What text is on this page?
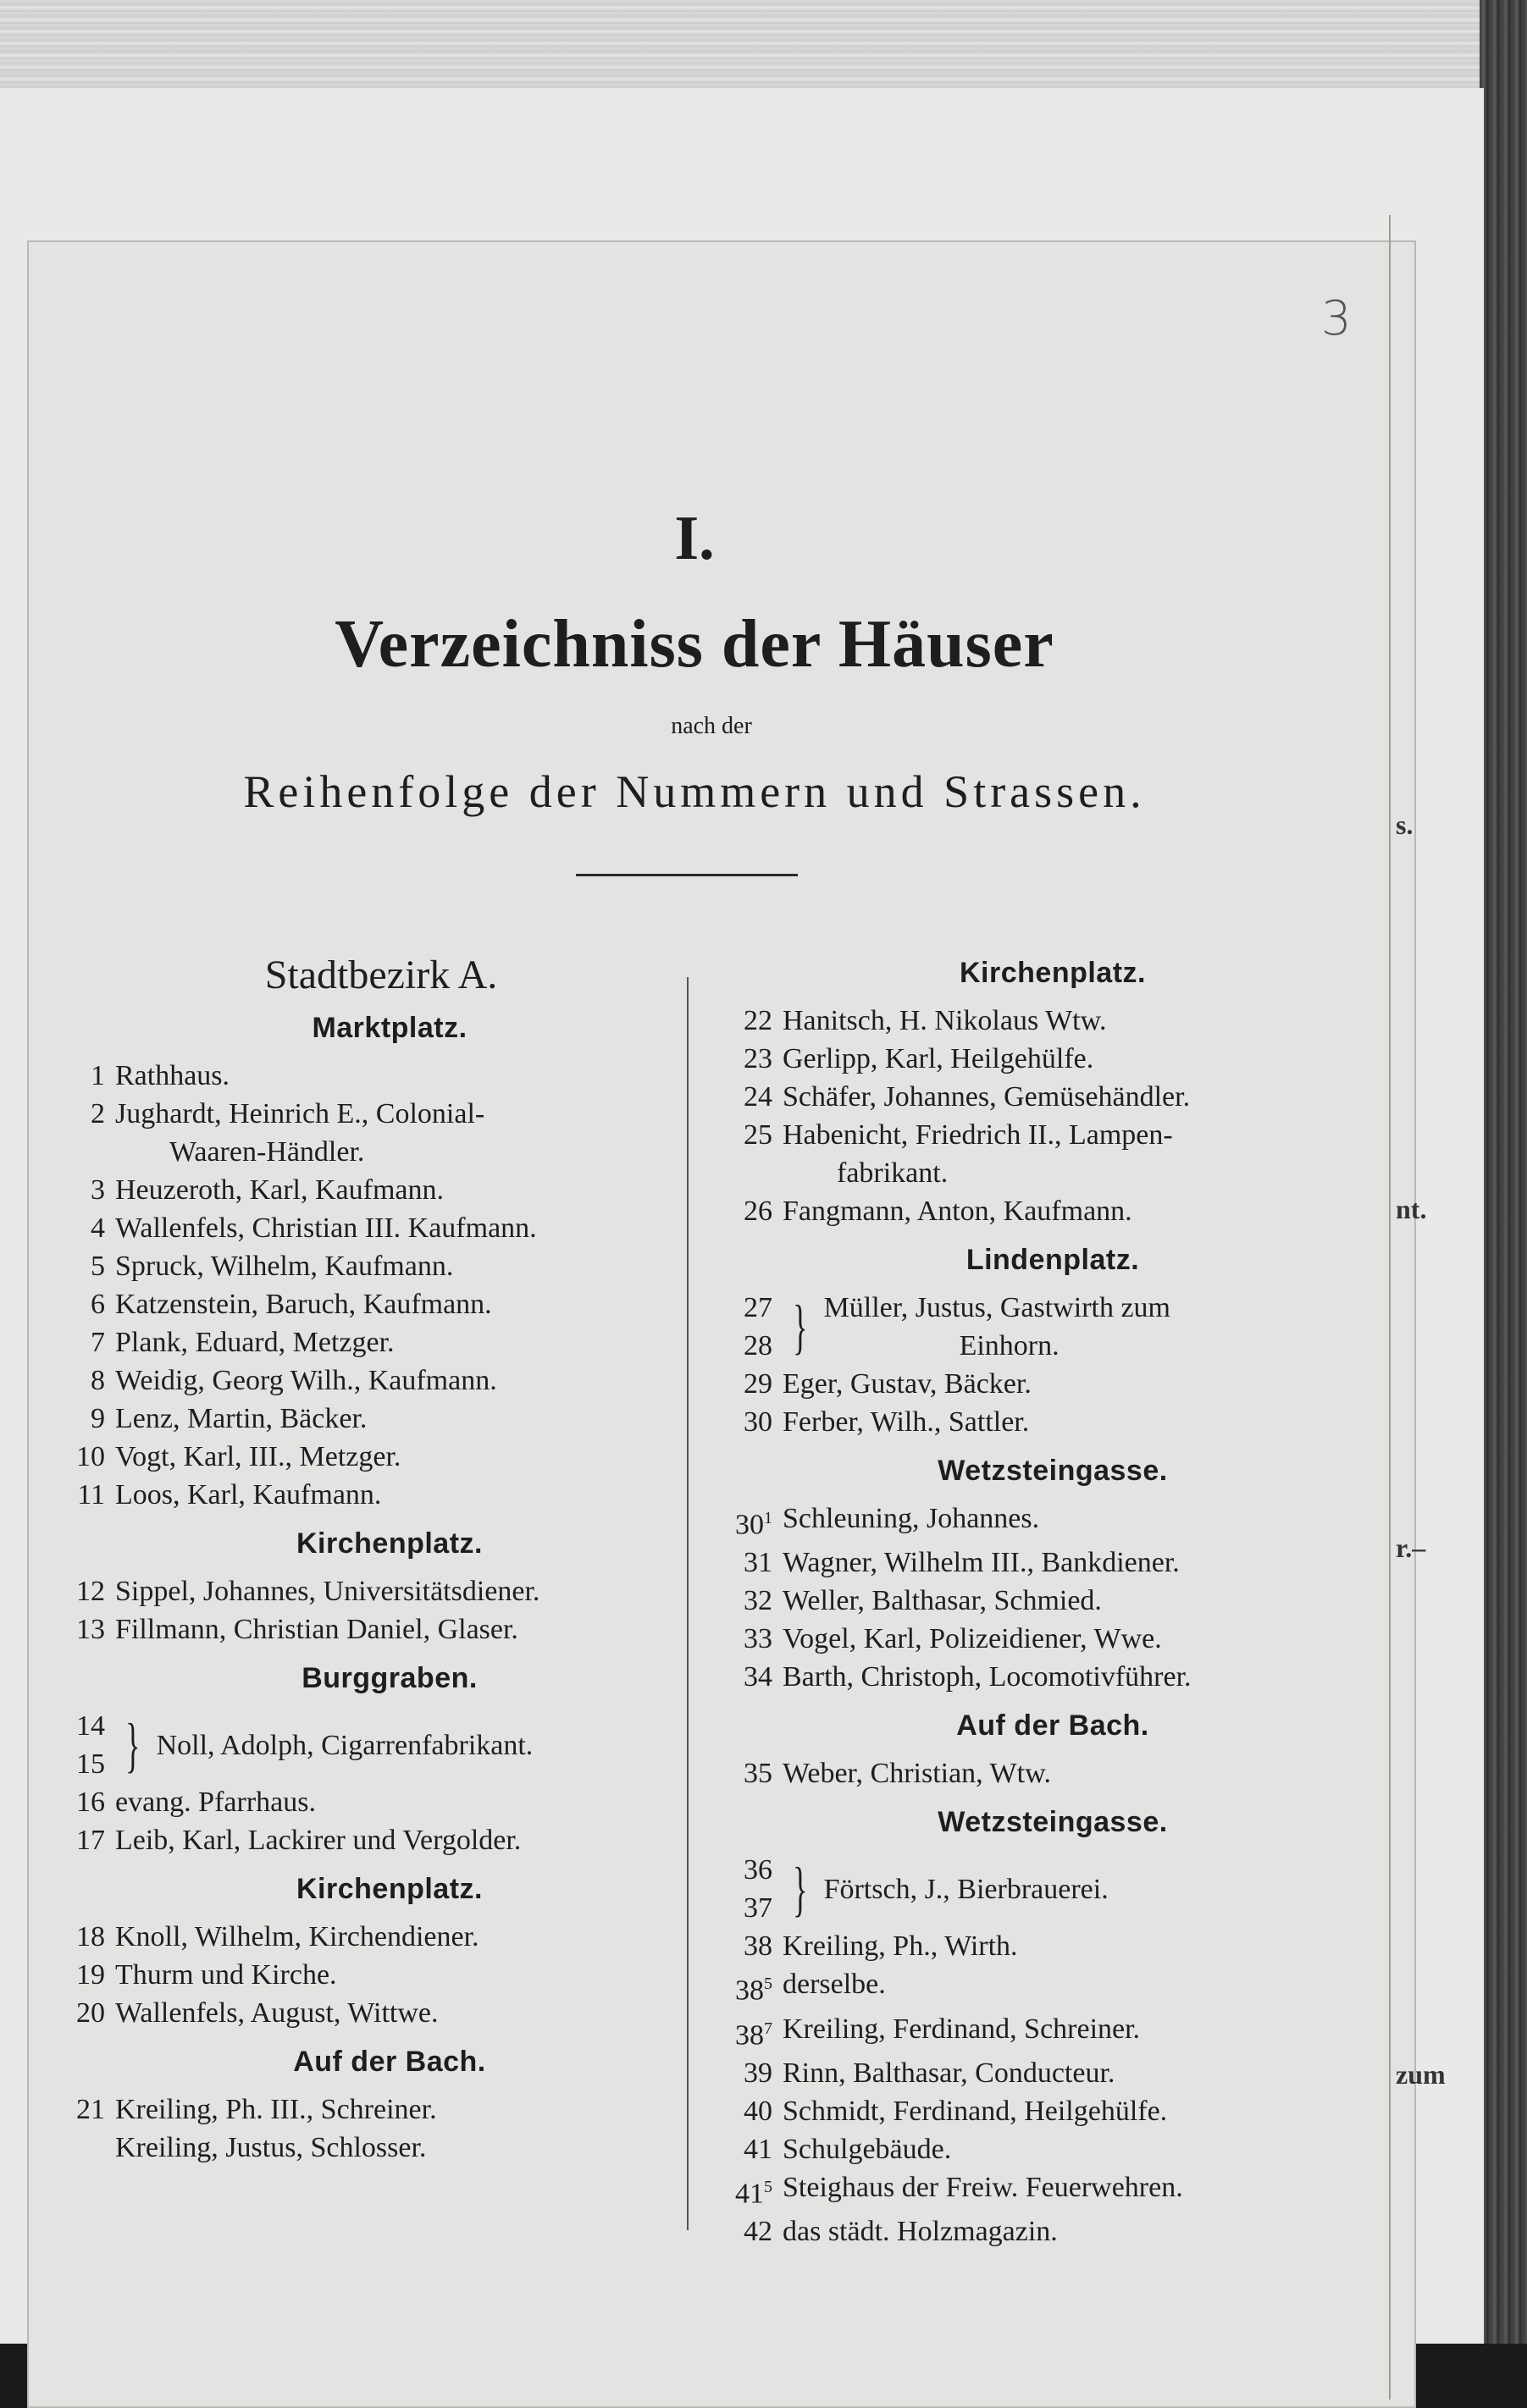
s.
nt.
r.–
zum
3
I.
Verzeichniss der Häuser
nach der
Reihenfolge der Nummern und Strassen.
Stadtbezirk A.
Marktplatz.
1 Rathhaus.
2 Jughardt, Heinrich E., Colonial-
Waaren-Händler.
3 Heuzeroth, Karl, Kaufmann.
4 Wallenfels, Christian III. Kaufmann.
5 Spruck, Wilhelm, Kaufmann.
6 Katzenstein, Baruch, Kaufmann.
7 Plank, Eduard, Metzger.
8 Weidig, Georg Wilh., Kaufmann.
9 Lenz, Martin, Bäcker.
10 Vogt, Karl, III., Metzger.
11 Loos, Karl, Kaufmann.
Kirchenplatz.
12 Sippel, Johannes, Universitätsdiener.
13 Fillmann, Christian Daniel, Glaser.
Burggraben.
14
15 } Noll, Adolph, Cigarrenfabrikant.
16 evang. Pfarrhaus.
17 Leib, Karl, Lackirer und Vergolder.
Kirchenplatz.
18 Knoll, Wilhelm, Kirchendiener.
19 Thurm und Kirche.
20 Wallenfels, August, Wittwe.
Auf der Bach.
21 Kreiling, Ph. III., Schreiner.
Kreiling, Justus, Schlosser.
Kirchenplatz.
22 Hanitsch, H. Nikolaus Wtw.
23 Gerlipp, Karl, Heilgehülfe.
24 Schäfer, Johannes, Gemüsehändler.
25 Habenicht, Friedrich II., Lampen-
fabrikant.
26 Fangmann, Anton, Kaufmann.
Lindenplatz.
27
28 } Müller, Justus, Gastwirth zum
Einhorn.
29 Eger, Gustav, Bäcker.
30 Ferber, Wilh., Sattler.
Wetzsteingasse.
$30^1$ Schleuning, Johannes.
31 Wagner, Wilhelm III., Bankdiener.
32 Weller, Balthasar, Schmied.
33 Vogel, Karl, Polizeidiener, Wwe.
34 Barth, Christoph, Locomotivführer.
Auf der Bach.
35 Weber, Christian, Wtw.
Wetzsteingasse.
36
37 } Förtsch, J., Bierbrauerei.
38 Kreiling, Ph., Wirth.
$38^5$ derselbe.
$38^7$ Kreiling, Ferdinand, Schreiner.
39 Rinn, Balthasar, Conducteur.
40 Schmidt, Ferdinand, Heilgehülfe.
41 Schulgebäude.
$41^5$ Steighaus der Freiw. Feuerwehren.
42 das städt. Holzmagazin.
